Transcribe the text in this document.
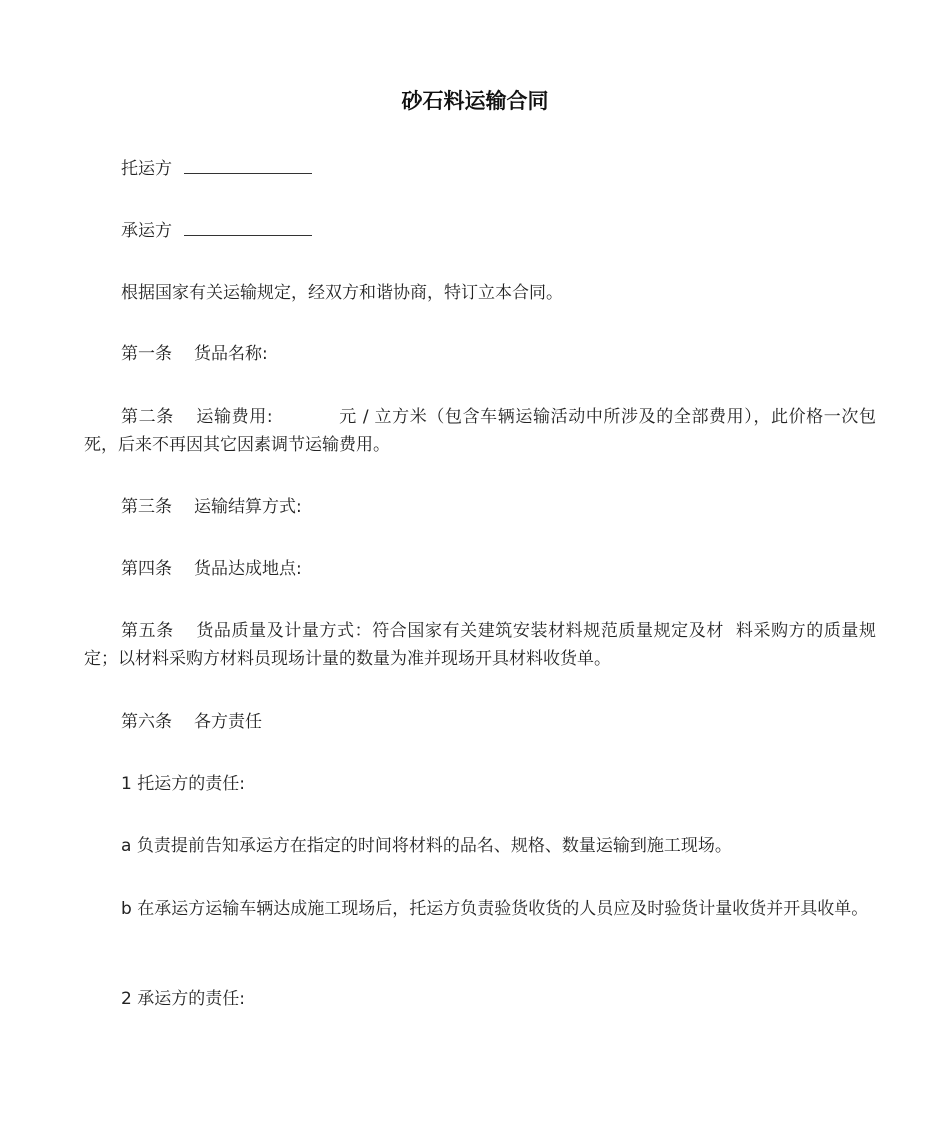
砂石料运输合同
托运方
承运方
根据国家有关运输规定，经双方和谐协商，特订立本合同。
第一条 货品名称:
第二条 运输费用:	元 / 立方米（包含车辆运输活动中所涉及的全部费用），此价格一次包死，后来不再因其它因素调节运输费用。
第三条 运输结算方式:
第四条 货品达成地点:
第五条 货品质量及计量方式：符合国家有关建筑安装材料规范质量规定及材  料采购方的质量规定；以材料采购方材料员现场计量的数量为准并现场开具材料收货单。
第六条 各方责任
1 托运方的责任:
a 负责提前告知承运方在指定的时间将材料的品名、规格、数量运输到施工现场。
b 在承运方运输车辆达成施工现场后，托运方负责验货收货的人员应及时验货计量收货并开具收单。
2 承运方的责任:
